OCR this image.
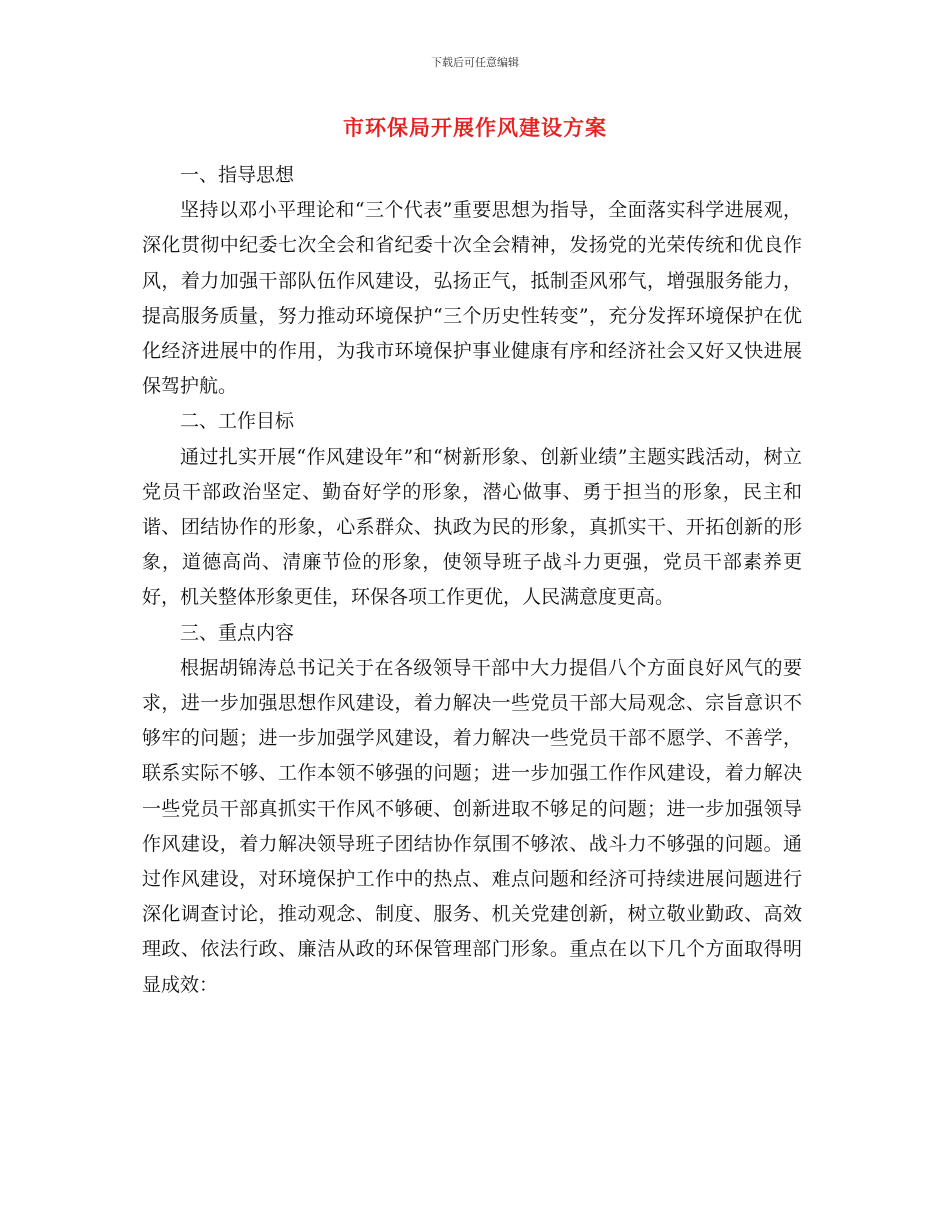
下载后可任意编辑
市环保局开展作风建设方案

一、指导思想

坚持以邓小平理论和“三个代表”重要思想为指导，全面落实科学进展观，深化贯彻中纪委七次全会和省纪委十次全会精神，发扬党的光荣传统和优良作风，着力加强干部队伍作风建设，弘扬正气，抵制歪风邪气，增强服务能力，提高服务质量，努力推动环境保护“三个历史性转变”，充分发挥环境保护在优化经济进展中的作用，为我市环境保护事业健康有序和经济社会又好又快进展保驾护航。

二、工作目标

通过扎实开展“作风建设年”和“树新形象、创新业绩”主题实践活动，树立党员干部政治坚定、勤奋好学的形象，潜心做事、勇于担当的形象，民主和谐、团结协作的形象，心系群众、执政为民的形象，真抓实干、开拓创新的形象，道德高尚、清廉节俭的形象，使领导班子战斗力更强，党员干部素养更好，机关整体形象更佳，环保各项工作更优，人民满意度更高。

三、重点内容

根据胡锦涛总书记关于在各级领导干部中大力提倡八个方面良好风气的要求，进一步加强思想作风建设，着力解决一些党员干部大局观念、宗旨意识不够牢的问题；进一步加强学风建设，着力解决一些党员干部不愿学、不善学，联系实际不够、工作本领不够强的问题；进一步加强工作作风建设，着力解决一些党员干部真抓实干作风不够硬、创新进取不够足的问题；进一步加强领导作风建设，着力解决领导班子团结协作氛围不够浓、战斗力不够强的问题。通过作风建设，对环境保护工作中的热点、难点问题和经济可持续进展问题进行深化调查讨论，推动观念、制度、服务、机关党建创新，树立敬业勤政、高效理政、依法行政、廉洁从政的环保管理部门形象。重点在以下几个方面取得明显成效：
